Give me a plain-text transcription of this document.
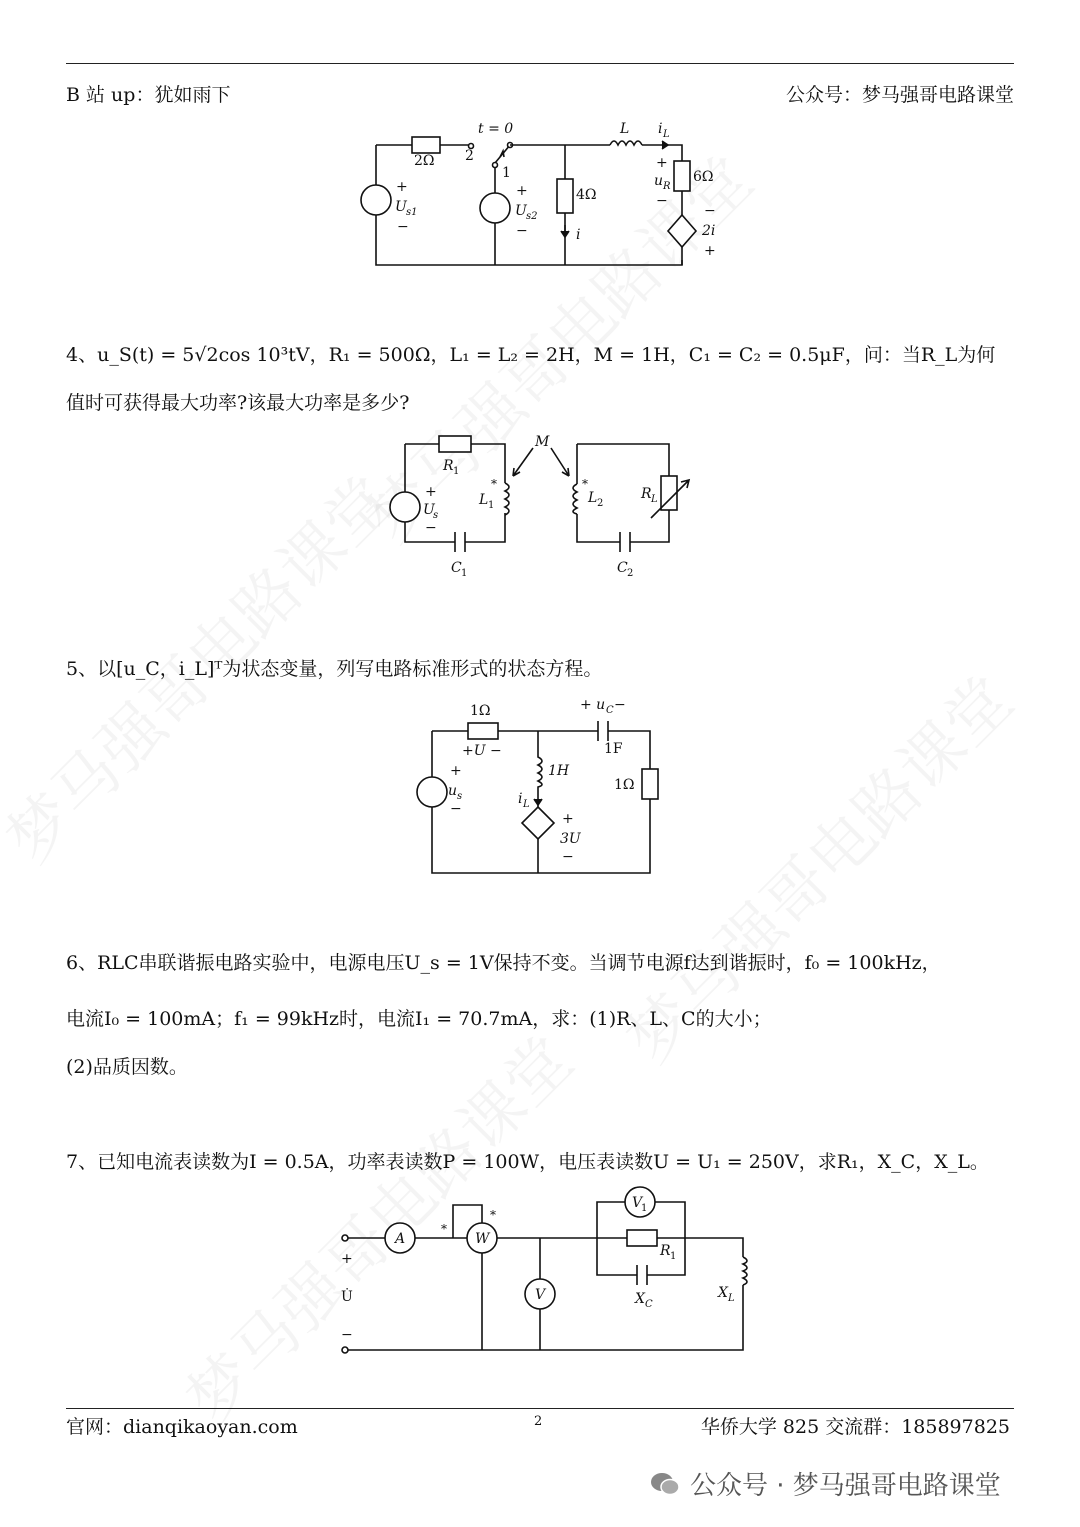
B 站 up：犹如雨下	公众号：梦马强哥电路课堂
2Ω 2
t = 0
1
+
U s1
−
+
U s2
−
4Ω
i
L i L
+
u R
−
6Ω
−
2i
+
4、u_S(t) = 5√2cos 10³tV，R₁ = 500Ω，L₁ = L₂ = 2H，M = 1H，C₁ = C₂ = 0.5μF，问：当R_L为何
值时可获得最大功率?该最大功率是多少?
M
R 1
+
U
s
−
*
L 1
*
L 2
R L
C 1	C 2
5、以[u_C，i_L]ᵀ为状态变量，列写电路标准形式的状态方程。
1Ω	+ u C −
1F
+U −
1H
i L
1Ω
+
u s
−
+
3U
−
6、RLC串联谐振电路实验中，电源电压U_s = 1V保持不变。当调节电源f达到谐振时，f₀ = 100kHz，
电流I₀ = 100mA；f₁ = 99kHz时，电流I₁ = 70.7mA，求：(1)R、L、C的大小；
(2)品质因数。
7、已知电流表读数为I = 0.5A，功率表读数P = 100W，电压表读数U = U₁ = 250V，求R₁，X_C，X_L。
A	W
*
*
V
V
1
R 1
X C
X L
+
U̇
−
官网：dianqikaoyan.com	2	华侨大学 825 交流群：185897825
公众号 · 梦马强哥电路课堂
